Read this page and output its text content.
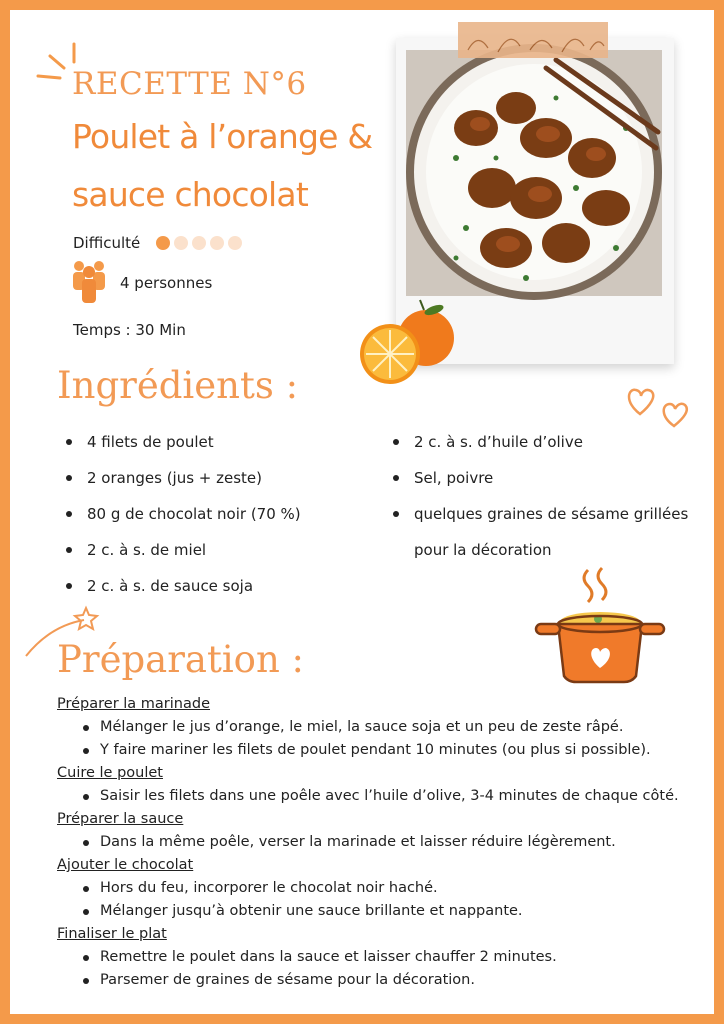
RECETTE N°6
Poulet à l’orange &
sauce chocolat
Difficulté
4 personnes
Temps : 30 Min
Ingrédients :
4 filets de poulet
2 oranges (jus + zeste)
80 g de chocolat noir (70 %)
2 c. à s. de miel
2 c. à s. de sauce soja
2 c. à s. d’huile d’olive
Sel, poivre
quelques graines de sésame grillées
pour la décoration
Préparation :
Préparer la marinade
Mélanger le jus d’orange, le miel, la sauce soja et un peu de zeste râpé.
Y faire mariner les filets de poulet pendant 10 minutes (ou plus si possible).
Cuire le poulet
Saisir les filets dans une poêle avec l’huile d’olive, 3-4 minutes de chaque côté.
Préparer la sauce
Dans la même poêle, verser la marinade et laisser réduire légèrement.
Ajouter le chocolat
Hors du feu, incorporer le chocolat noir haché.
Mélanger jusqu’à obtenir une sauce brillante et nappante.
Finaliser le plat
Remettre le poulet dans la sauce et laisser chauffer 2 minutes.
Parsemer de graines de sésame pour la décoration.
